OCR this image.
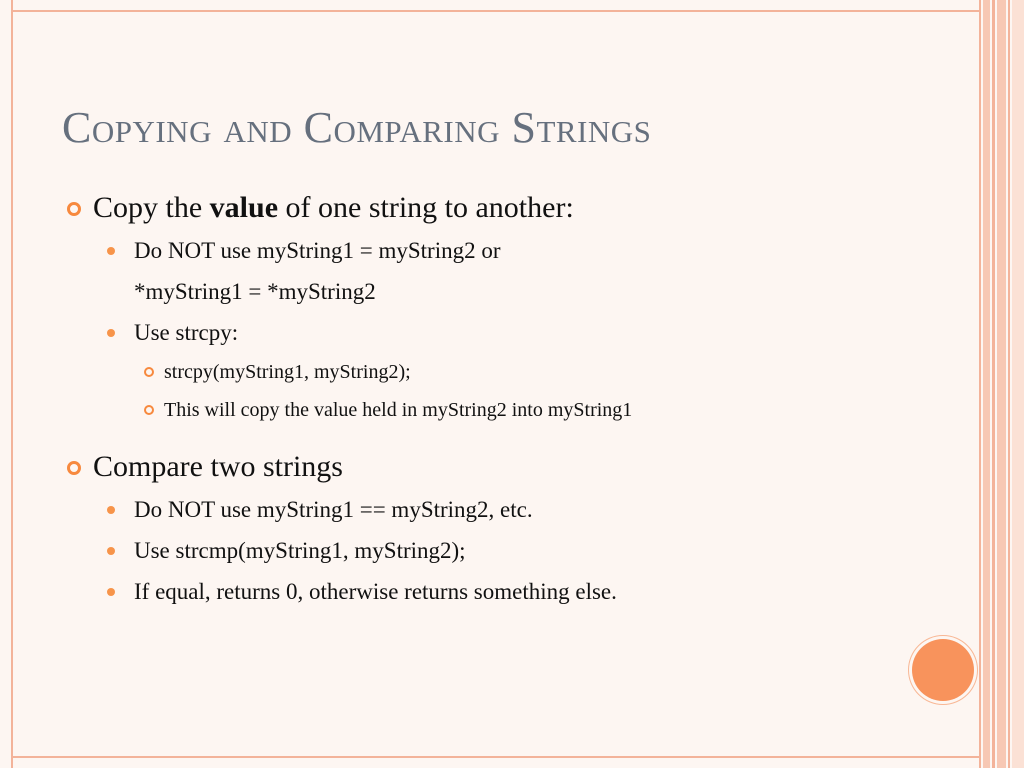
Copying and Comparing Strings
Copy the value of one string to another:
Do NOT use myString1 = myString2 or
*myString1 = *myString2
Use strcpy:
strcpy(myString1, myString2);
This will copy the value held in myString2 into myString1
Compare two strings
Do NOT use myString1 == myString2, etc.
Use strcmp(myString1, myString2);
If equal, returns 0, otherwise returns something else.
